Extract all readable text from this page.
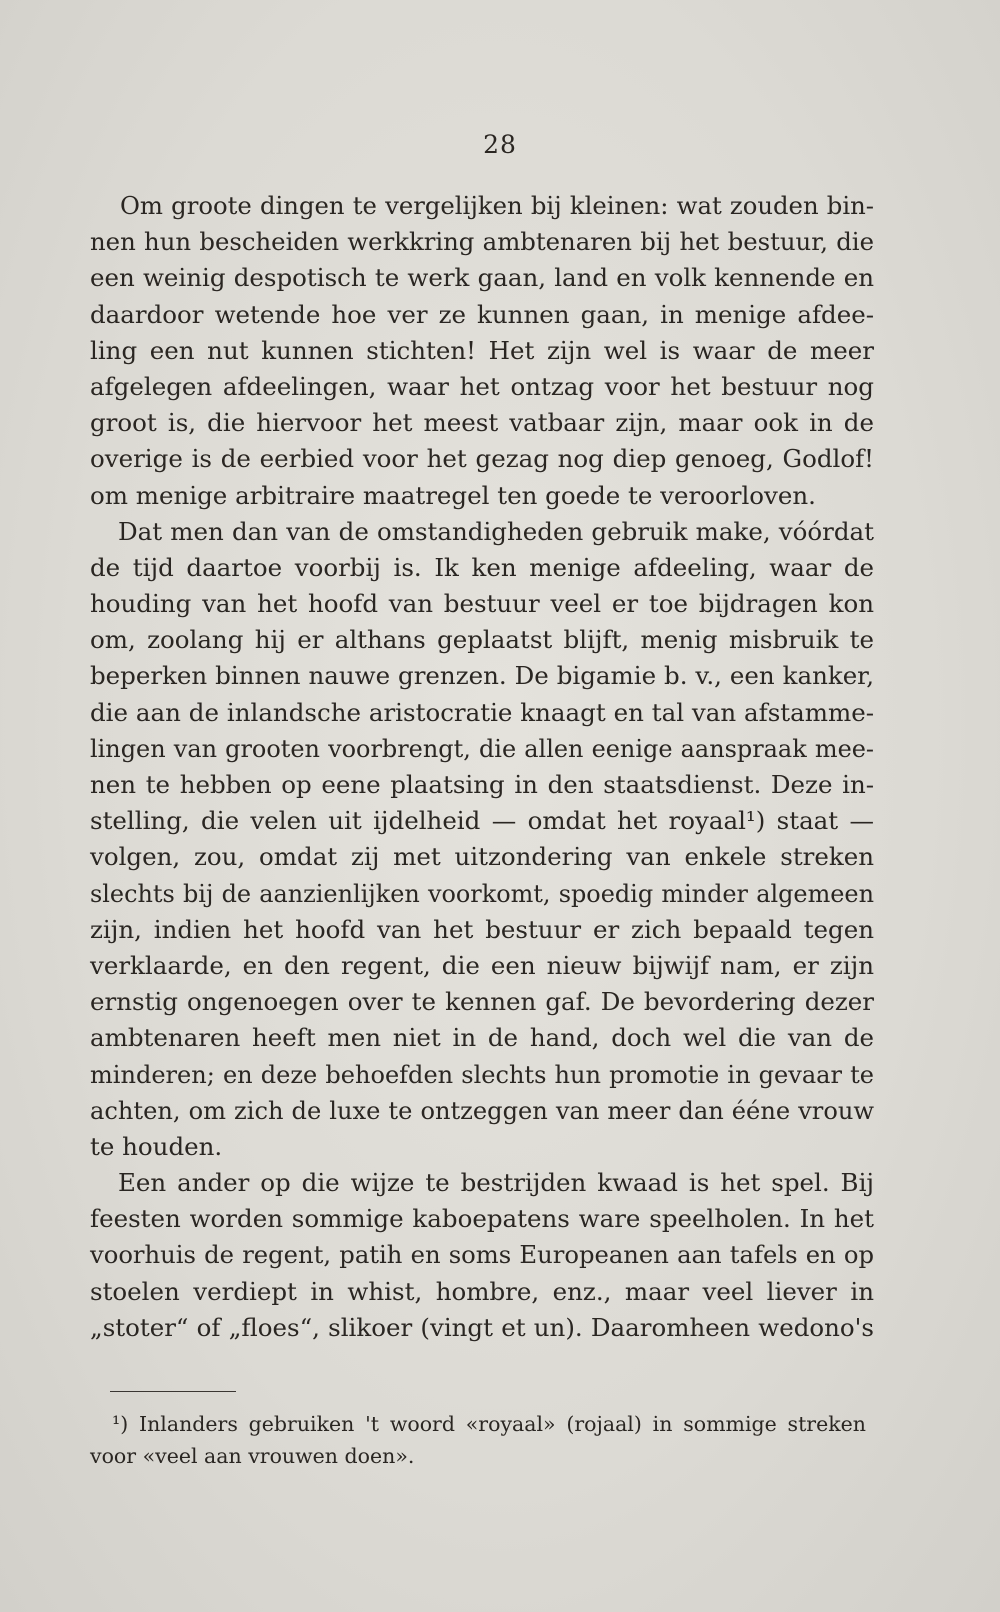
28
Om groote dingen te vergelijken bij kleinen: wat zouden bin-
nen hun bescheiden werkkring ambtenaren bij het bestuur, die
een weinig despotisch te werk gaan, land en volk kennende en
daardoor wetende hoe ver ze kunnen gaan, in menige afdee-
ling een nut kunnen stichten! Het zijn wel is waar de meer
afgelegen afdeelingen, waar het ontzag voor het bestuur nog
groot is, die hiervoor het meest vatbaar zijn, maar ook in de
overige is de eerbied voor het gezag nog diep genoeg, Godlof!
om menige arbitraire maatregel ten goede te veroorloven.
Dat men dan van de omstandigheden gebruik make, vóórdat
de tijd daartoe voorbij is. Ik ken menige afdeeling, waar de
houding van het hoofd van bestuur veel er toe bijdragen kon
om, zoolang hij er althans geplaatst blijft, menig misbruik te
beperken binnen nauwe grenzen. De bigamie b. v., een kanker,
die aan de inlandsche aristocratie knaagt en tal van afstamme-
lingen van grooten voorbrengt, die allen eenige aanspraak mee-
nen te hebben op eene plaatsing in den staatsdienst. Deze in-
stelling, die velen uit ijdelheid — omdat het royaal¹) staat —
volgen, zou, omdat zij met uitzondering van enkele streken
slechts bij de aanzienlijken voorkomt, spoedig minder algemeen
zijn, indien het hoofd van het bestuur er zich bepaald tegen
verklaarde, en den regent, die een nieuw bijwijf nam, er zijn
ernstig ongenoegen over te kennen gaf. De bevordering dezer
ambtenaren heeft men niet in de hand, doch wel die van de
minderen; en deze behoefden slechts hun promotie in gevaar te
achten, om zich de luxe te ontzeggen van meer dan ééne vrouw
te houden.
Een ander op die wijze te bestrijden kwaad is het spel. Bij
feesten worden sommige kaboepatens ware speelholen. In het
voorhuis de regent, patih en soms Europeanen aan tafels en op
stoelen verdiept in whist, hombre, enz., maar veel liever in
„stoter“ of „floes“, slikoer (vingt et un). Daaromheen wedono's
¹) Inlanders gebruiken 't woord «royaal» (rojaal) in sommige streken
voor «veel aan vrouwen doen».
